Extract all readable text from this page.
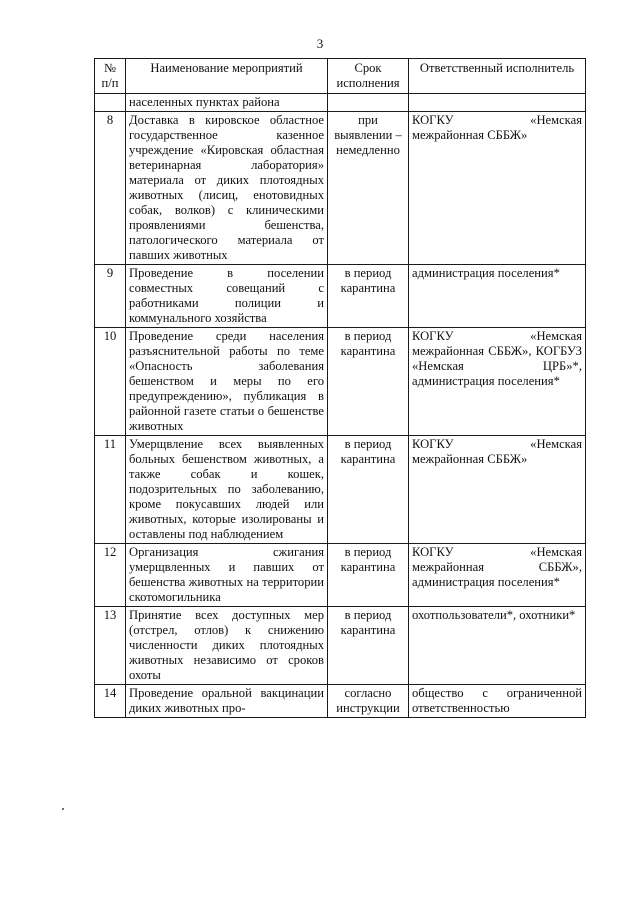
3
№ п/п	Наименование мероприятий	Срок исполнения	Ответственный исполнитель
	населенных пунктах района		
8	Доставка в кировское областное государственное казенное учреждение «Кировская областная ветеринарная лаборатория» материала от диких плотоядных животных (лисиц, енотовидных собак, волков) с клиническими проявлениями бешенства, патологического материала от павших животных	при выявлении – немедленно	КОГКУ «Немская межрайонная СББЖ»
9	Проведение в поселении совместных совещаний с работниками полиции и коммунального хозяйства	в период карантина	администрация поселения*
10	Проведение среди населения разъяснительной работы по теме «Опасность заболевания бешенством и меры по его предупреждению», публикация в районной газете статьи о бешенстве животных	в период карантина	КОГКУ «Немская межрайонная СББЖ», КОГБУЗ «Немская ЦРБ»*, администрация поселения*
11	Умерщвление всех выявленных больных бешенством животных, а также собак и кошек, подозрительных по заболеванию, кроме покусавших людей или животных, которые изолированы и оставлены под наблюдением	в период карантина	КОГКУ «Немская межрайонная СББЖ»
12	Организация сжигания умерщвленных и павших от бешенства животных на территории скотомогильника	в период карантина	КОГКУ «Немская межрайонная СББЖ», администрация поселения*
13	Принятие всех доступных мер (отстрел, отлов) к снижению численности диких плотоядных животных независимо от сроков охоты	в период карантина	охотпользователи*, охотники*
14	Проведение оральной вакцинации диких животных про-	согласно инструкции	общество с ограниченной ответственностью
